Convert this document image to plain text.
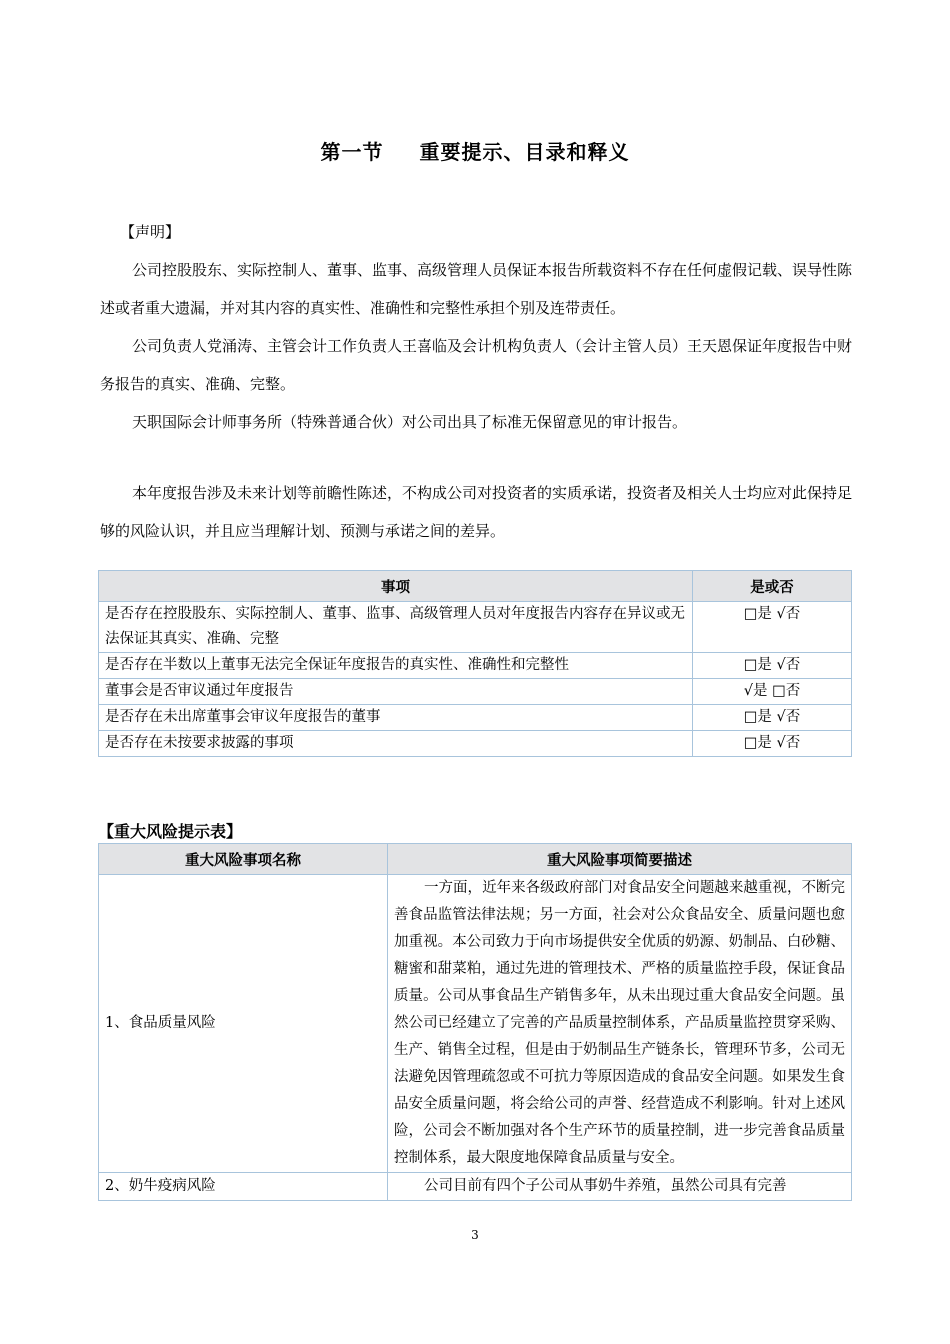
第一节 重要提示、目录和释义

【声明】

公司控股股东、实际控制人、董事、监事、高级管理人员保证本报告所载资料不存在任何虚假记载、误导性陈述或者重大遗漏，并对其内容的真实性、准确性和完整性承担个别及连带责任。

公司负责人党涌涛、主管会计工作负责人王喜临及会计机构负责人（会计主管人员）王天恩保证年度报告中财务报告的真实、准确、完整。

天职国际会计师事务所（特殊普通合伙）对公司出具了标准无保留意见的审计报告。

本年度报告涉及未来计划等前瞻性陈述，不构成公司对投资者的实质承诺，投资者及相关人士均应对此保持足够的风险认识，并且应当理解计划、预测与承诺之间的差异。

事项	是或否
是否存在控股股东、实际控制人、董事、监事、高级管理人员对年度报告内容存在异议或无法保证其真实、准确、完整	□是 √否
是否存在半数以上董事无法完全保证年度报告的真实性、准确性和完整性	□是 √否
董事会是否审议通过年度报告	√是 □否
是否存在未出席董事会审议年度报告的董事	□是 √否
是否存在未按要求披露的事项	□是 √否
【重大风险提示表】
重大风险事项名称	重大风险事项简要描述
1、食品质量风险	一方面，近年来各级政府部门对食品安全问题越来越重视，不断完善食品监管法律法规；另一方面，社会对公众食品安全、质量问题也愈加重视。本公司致力于向市场提供安全优质的奶源、奶制品、白砂糖、糖蜜和甜菜粕，通过先进的管理技术、严格的质量监控手段，保证食品质量。公司从事食品生产销售多年，从未出现过重大食品安全问题。虽然公司已经建立了完善的产品质量控制体系，产品质量监控贯穿采购、生产、销售全过程，但是由于奶制品生产链条长，管理环节多，公司无法避免因管理疏忽或不可抗力等原因造成的食品安全问题。如果发生食品安全质量问题，将会给公司的声誉、经营造成不利影响。针对上述风险，公司会不断加强对各个生产环节的质量控制，进一步完善食品质量控制体系，最大限度地保障食品质量与安全。
2、奶牛疫病风险	公司目前有四个子公司从事奶牛养殖，虽然公司具有完善
3
